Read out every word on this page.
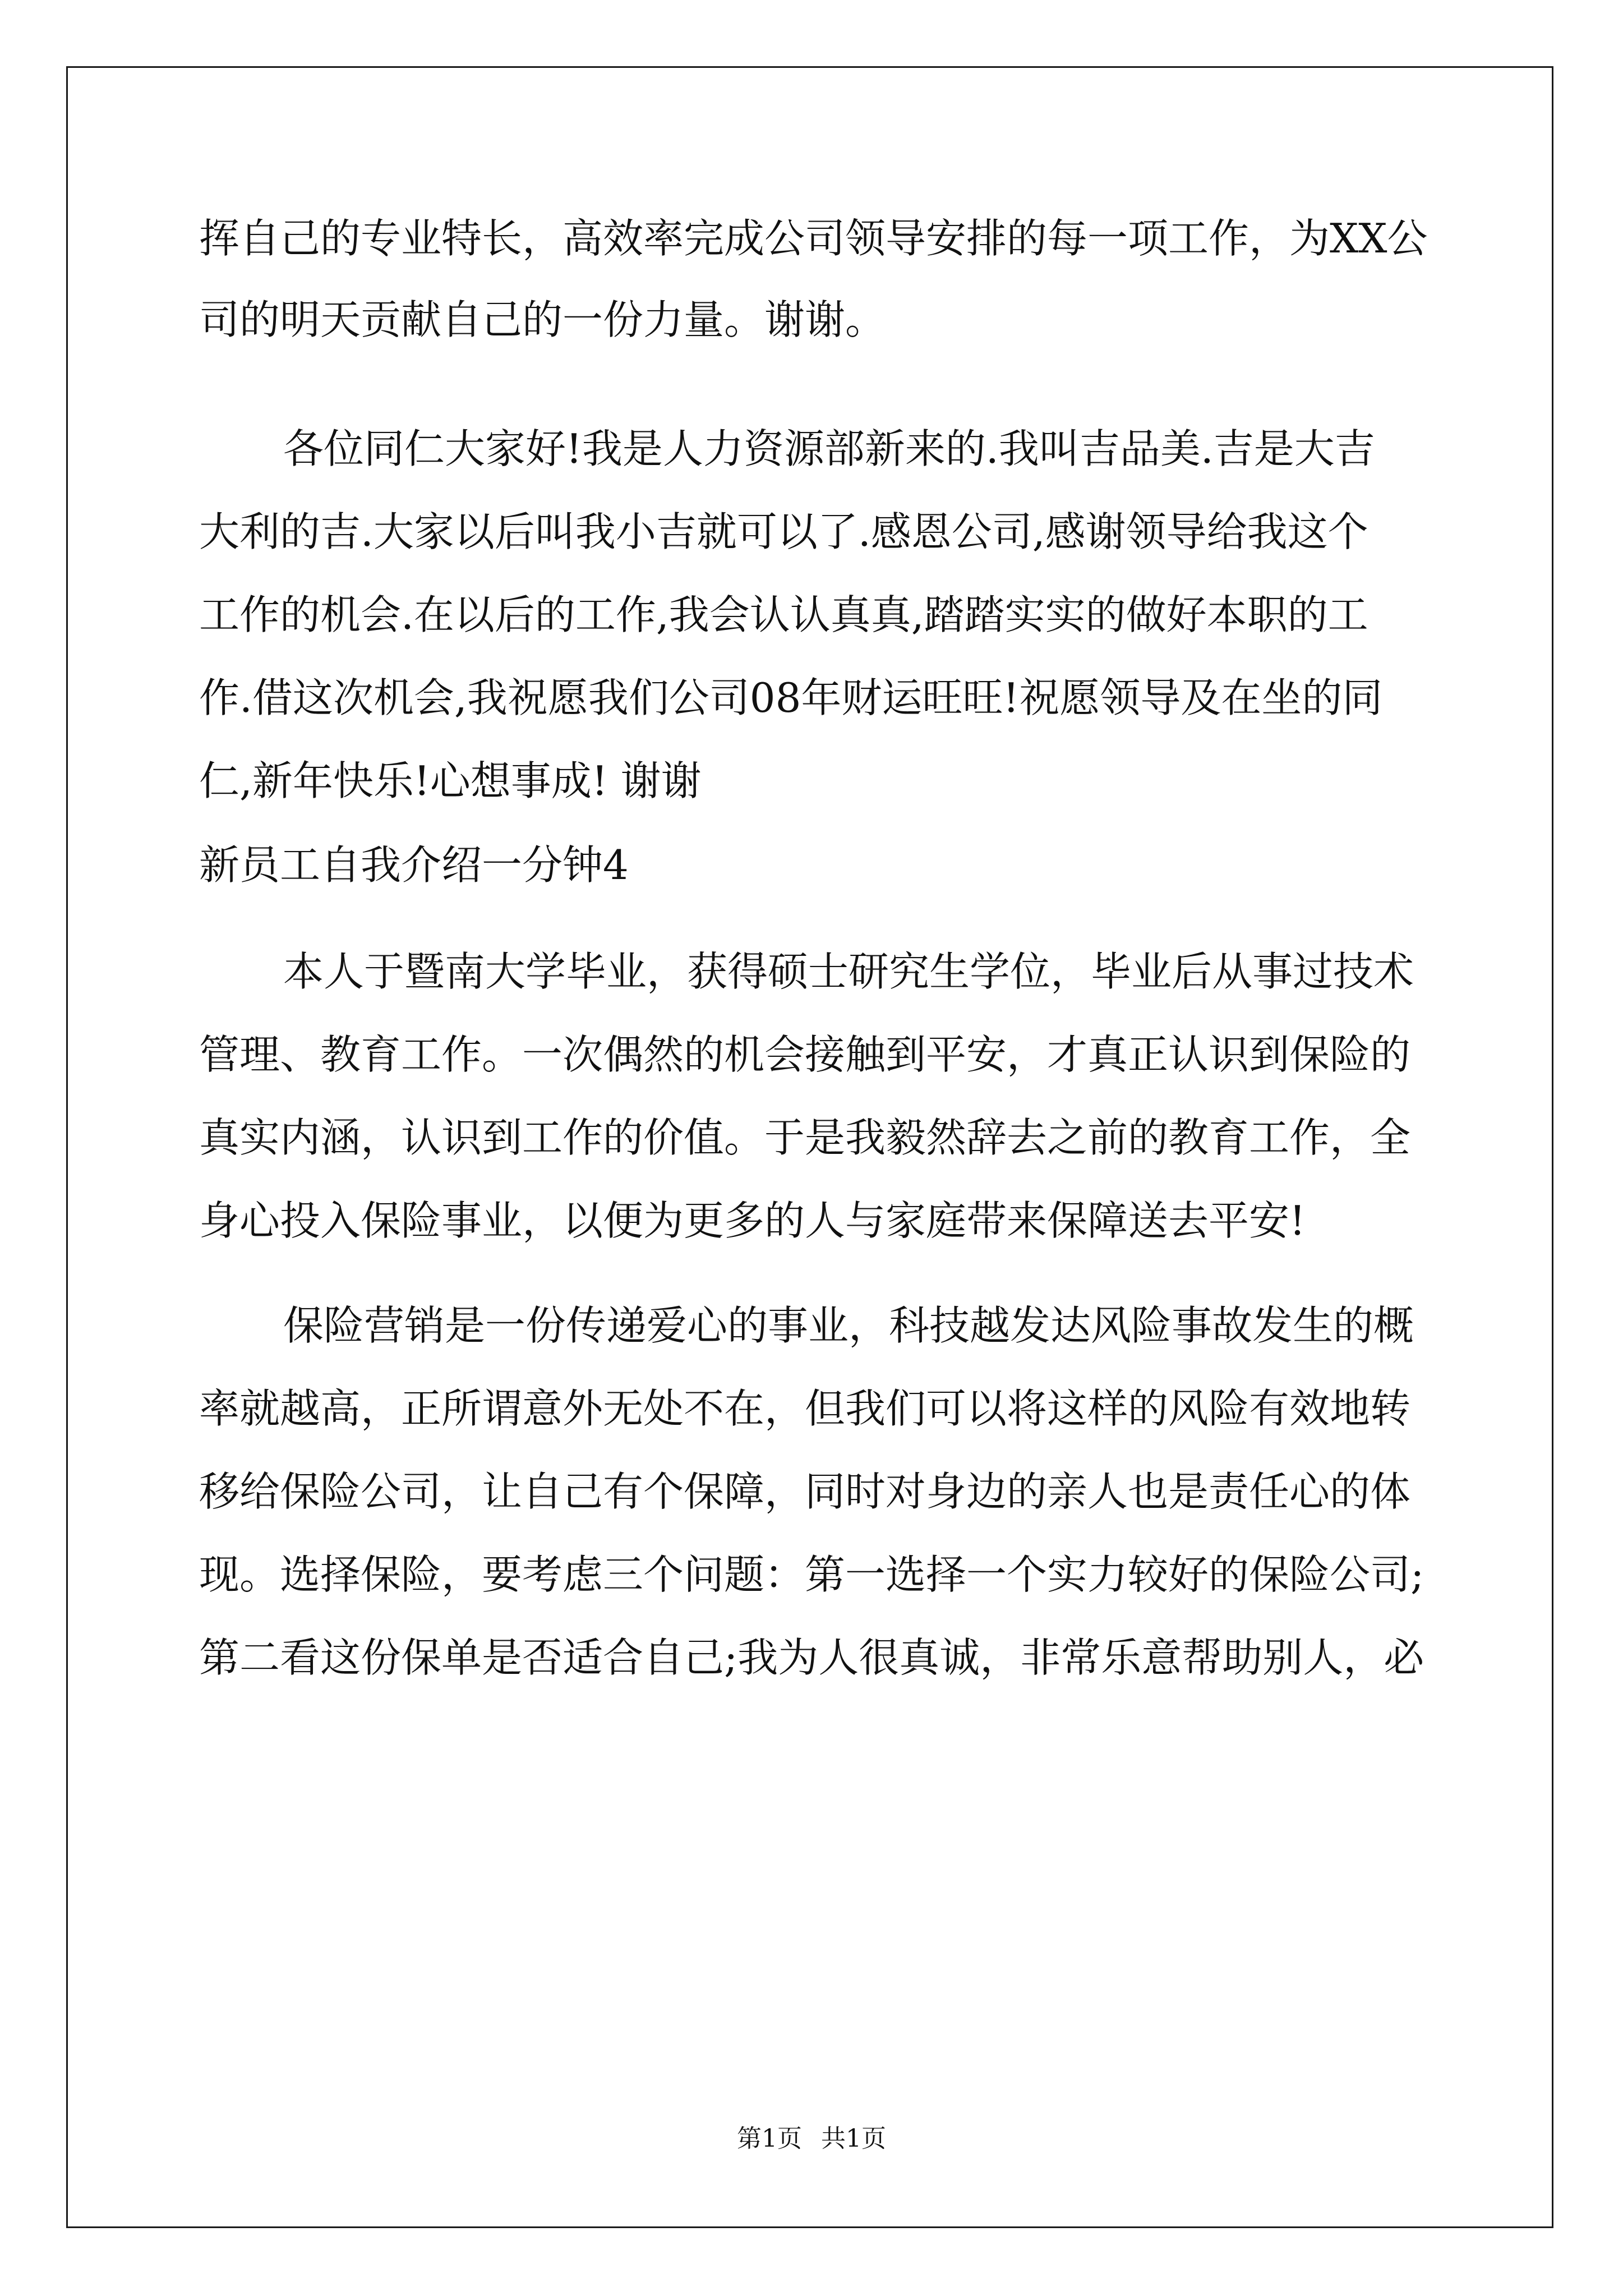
挥自己的专业特长，高效率完成公司领导安排的每一项工作，为XX公
司的明天贡献自己的一份力量。谢谢。
各位同仁大家好!我是人力资源部新来的.我叫吉品美.吉是大吉
大利的吉.大家以后叫我小吉就可以了.感恩公司,感谢领导给我这个
工作的机会.在以后的工作,我会认认真真,踏踏实实的做好本职的工
作.借这次机会,我祝愿我们公司08年财运旺旺!祝愿领导及在坐的同
仁,新年快乐!心想事成! 谢谢
新员工自我介绍一分钟4
本人于暨南大学毕业，获得硕士研究生学位，毕业后从事过技术
管理、教育工作。一次偶然的机会接触到平安，才真正认识到保险的
真实内涵，认识到工作的价值。于是我毅然辞去之前的教育工作，全
身心投入保险事业，以便为更多的人与家庭带来保障送去平安!
保险营销是一份传递爱心的事业，科技越发达风险事故发生的概
率就越高，正所谓意外无处不在，但我们可以将这样的风险有效地转
移给保险公司，让自己有个保障，同时对身边的亲人也是责任心的体
现。选择保险，要考虑三个问题：第一选择一个实力较好的保险公司;
第二看这份保单是否适合自己;我为人很真诚，非常乐意帮助别人，必
第1页 共1页
